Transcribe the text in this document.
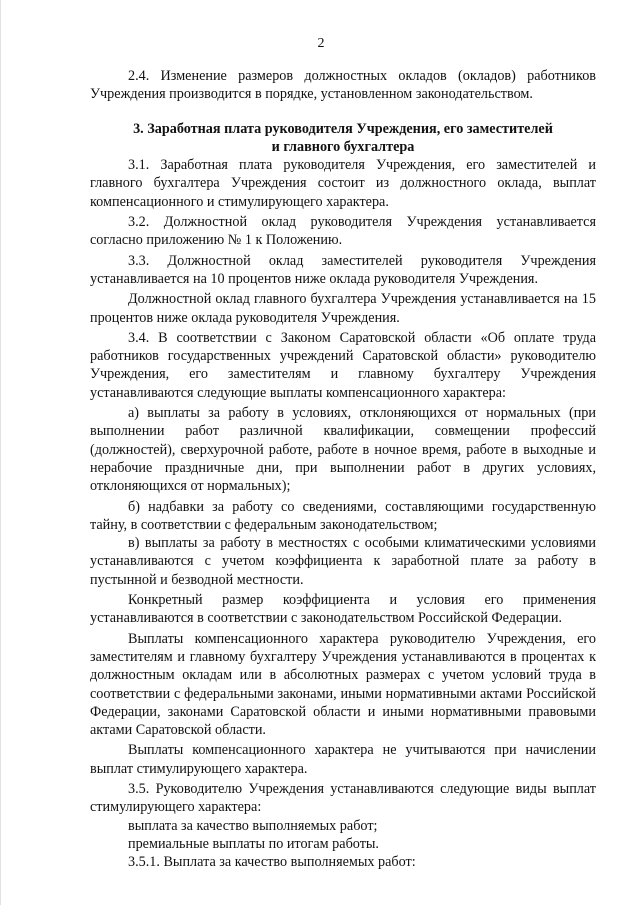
2

2.4. Изменение размеров должностных окладов (окладов) работников Учреждения производится в порядке, установленном законодательством.

3. Заработная плата руководителя Учреждения, его заместителей
и главного бухгалтера

3.1. Заработная плата руководителя Учреждения, его заместителей и главного бухгалтера Учреждения состоит из должностного оклада, выплат компенсационного и стимулирующего характера.

3.2. Должностной оклад руководителя Учреждения устанавливается согласно приложению № 1 к Положению.

3.3. Должностной оклад заместителей руководителя Учреждения устанавливается на 10 процентов ниже оклада руководителя Учреждения.

Должностной оклад главного бухгалтера Учреждения устанавливается на 15 процентов ниже оклада руководителя Учреждения.

3.4. В соответствии с Законом Саратовской области «Об оплате труда работников государственных учреждений Саратовской области» руководителю Учреждения, его заместителям и главному бухгалтеру Учреждения устанавливаются следующие выплаты компенсационного характера:

а) выплаты за работу в условиях, отклоняющихся от нормальных (при выполнении работ различной квалификации, совмещении профессий (должностей), сверхурочной работе, работе в ночное время, работе в выходные и нерабочие праздничные дни, при выполнении работ в других условиях, отклоняющихся от нормальных);

б) надбавки за работу со сведениями, составляющими государственную тайну, в соответствии с федеральным законодательством;

в) выплаты за работу в местностях с особыми климатическими условиями устанавливаются с учетом коэффициента к заработной плате за работу в пустынной и безводной местности.

Конкретный размер коэффициента и условия его применения устанавливаются в соответствии с законодательством Российской Федерации.

Выплаты компенсационного характера руководителю Учреждения, его заместителям и главному бухгалтеру Учреждения устанавливаются в процентах к должностным окладам или в абсолютных размерах с учетом условий труда в соответствии с федеральными законами, иными нормативными актами Российской Федерации, законами Саратовской области и иными нормативными правовыми актами Саратовской области.

Выплаты компенсационного характера не учитываются при начислении выплат стимулирующего характера.

3.5. Руководителю Учреждения устанавливаются следующие виды выплат стимулирующего характера:

выплата за качество выполняемых работ;

премиальные выплаты по итогам работы.

3.5.1. Выплата за качество выполняемых работ:
